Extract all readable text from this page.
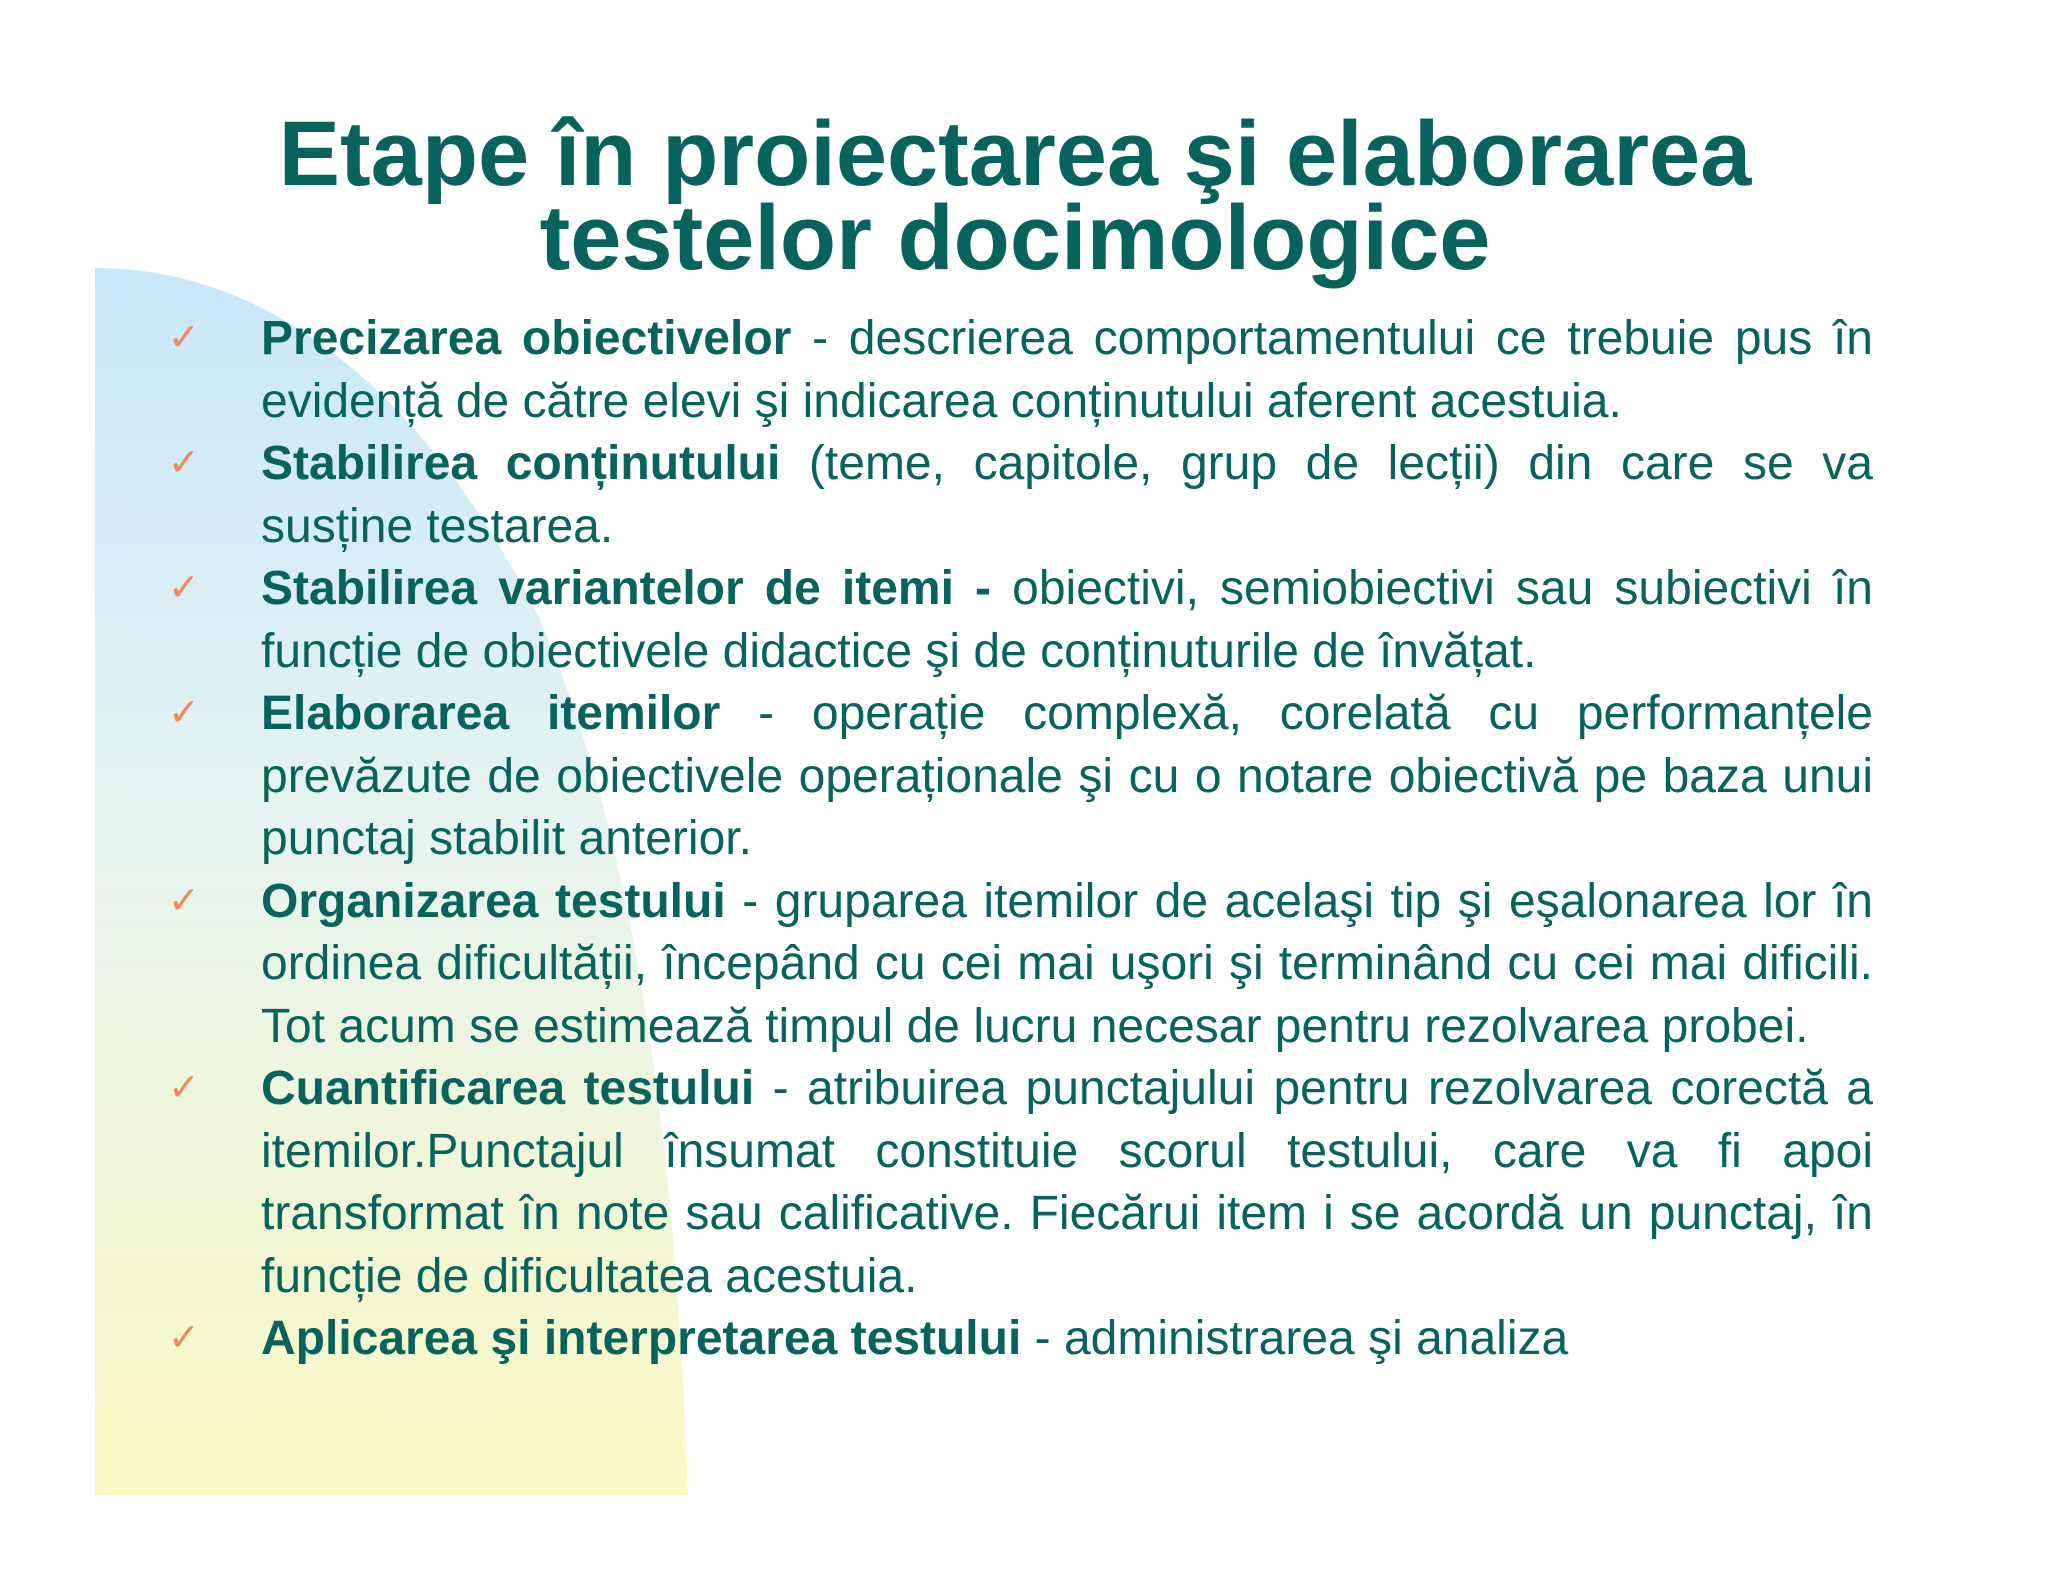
Etape în proiectarea şi elaborarea
testelor docimologice
✓ Precizarea obiectivelor - descrierea comportamentului ce trebuie pus în evidență de către elevi şi indicarea conținutului aferent acestuia.

✓ Stabilirea conținutului (teme, capitole, grup de lecții) din care se va susține testarea.

✓ Stabilirea variantelor de itemi - obiectivi, semiobiectivi sau subiectivi în funcție de obiectivele didactice şi de conținuturile de învățat.

✓ Elaborarea itemilor - operație complexă, corelată cu performanțele prevăzute de obiectivele operaționale şi cu o notare obiectivă pe baza unui punctaj stabilit anterior.

✓ Organizarea testului - gruparea itemilor de acelaşi tip şi eşalonarea lor în ordinea dificultății, începând cu cei mai uşori şi terminând cu cei mai dificili. Tot acum se estimează timpul de lucru necesar pentru rezolvarea probei.

✓ Cuantificarea testului - atribuirea punctajului pentru rezolvarea corectă a itemilor.Punctajul însumat constituie scorul testului, care va fi apoi transformat în note sau calificative. Fiecărui item i se acordă un punctaj, în funcție de dificultatea acestuia.

✓ Aplicarea şi interpretarea testului - administrarea şi analiza
